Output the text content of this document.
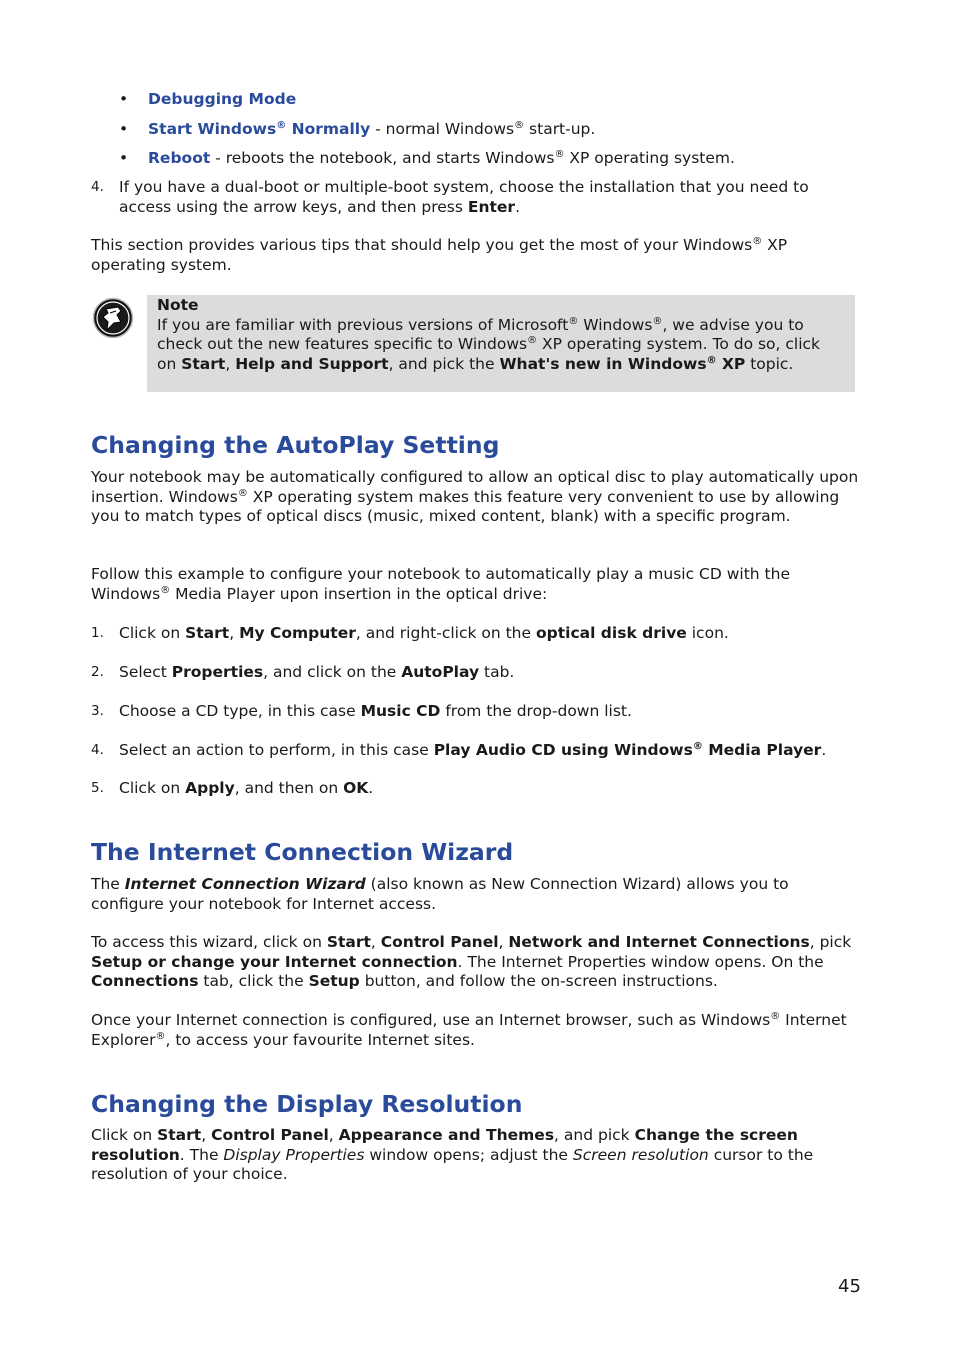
• Debugging Mode
• Start Windows® Normally - normal Windows® start-up.
• Reboot - reboots the notebook, and starts Windows® XP operating system.
4. If you have a dual-boot or multiple-boot system, choose the installation that you need to access using the arrow keys, and then press Enter.
This section provides various tips that should help you get the most of your Windows® XP operating system.
Note
If you are familiar with previous versions of Microsoft® Windows®, we advise you to check out the new features specific to Windows® XP operating system. To do so, click on Start, Help and Support, and pick the What's new in Windows® XP topic.
Changing the AutoPlay Setting
Your notebook may be automatically configured to allow an optical disc to play automatically upon insertion. Windows® XP operating system makes this feature very convenient to use by allowing you to match types of optical discs (music, mixed content, blank) with a specific program.
Follow this example to configure your notebook to automatically play a music CD with the Windows® Media Player upon insertion in the optical drive:
1. Click on Start, My Computer, and right-click on the optical disk drive icon.
2. Select Properties, and click on the AutoPlay tab.
3. Choose a CD type, in this case Music CD from the drop-down list.
4. Select an action to perform, in this case Play Audio CD using Windows® Media Player.
5. Click on Apply, and then on OK.
The Internet Connection Wizard
The Internet Connection Wizard (also known as New Connection Wizard) allows you to configure your notebook for Internet access.
To access this wizard, click on Start, Control Panel, Network and Internet Connections, pick Setup or change your Internet connection. The Internet Properties window opens. On the Connections tab, click the Setup button, and follow the on-screen instructions.
Once your Internet connection is configured, use an Internet browser, such as Windows® Internet Explorer®, to access your favourite Internet sites.
Changing the Display Resolution
Click on Start, Control Panel, Appearance and Themes, and pick Change the screen resolution. The Display Properties window opens; adjust the Screen resolution cursor to the resolution of your choice.
45
